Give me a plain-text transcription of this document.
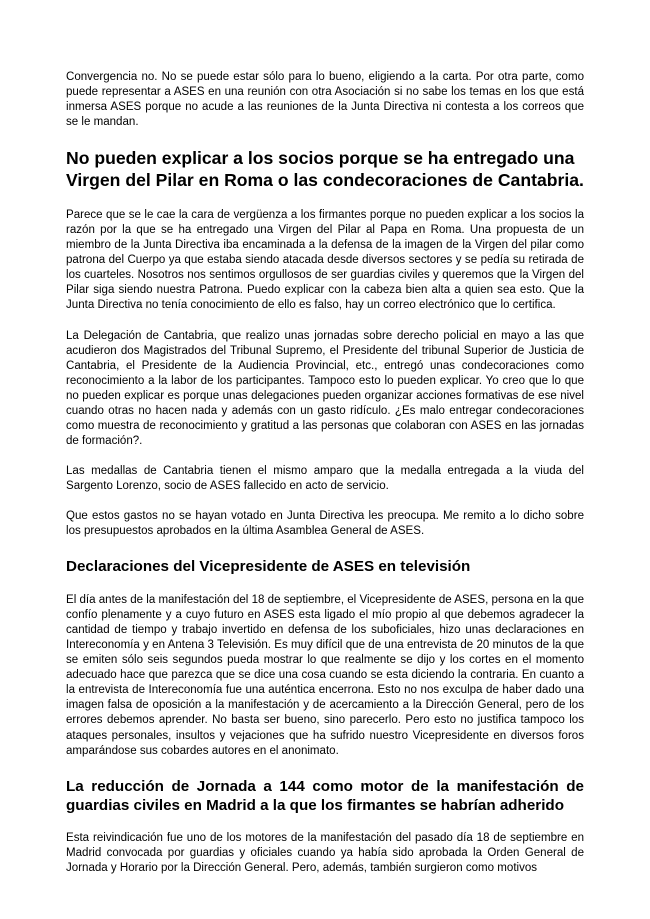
Convergencia no. No se puede estar sólo para lo bueno, eligiendo a la carta. Por otra parte, como puede representar a ASES en una reunión con otra Asociación si no sabe los temas en los que está inmersa ASES porque no acude a las reuniones de la Junta Directiva ni contesta a los correos que se le mandan.

No pueden explicar a los socios porque se ha entregado una Virgen del Pilar en Roma o las condecoraciones de Cantabria.

Parece que se le cae la cara de vergüenza a los firmantes porque no pueden explicar a los socios la razón por la que se ha entregado una Virgen del Pilar al Papa en Roma. Una propuesta de un miembro de la Junta Directiva iba encaminada a la defensa de la imagen de la Virgen del pilar como patrona del Cuerpo ya que estaba siendo atacada desde diversos sectores y se pedía su retirada de los cuarteles. Nosotros nos sentimos orgullosos de ser guardias civiles y queremos que la Virgen del Pilar siga siendo nuestra Patrona. Puedo explicar con la cabeza bien alta a quien sea esto. Que la Junta Directiva no tenía conocimiento de ello es falso, hay un correo electrónico que lo certifica.

La Delegación de Cantabria, que realizo unas jornadas sobre derecho policial en mayo a las que acudieron dos Magistrados del Tribunal Supremo, el Presidente del tribunal Superior de Justicia de Cantabria, el Presidente de la Audiencia Provincial, etc., entregó unas condecoraciones como reconocimiento a la labor de los participantes. Tampoco esto lo pueden explicar. Yo creo que lo que no pueden explicar es porque unas delegaciones pueden organizar acciones formativas de ese nivel cuando otras no hacen nada y además con un gasto ridículo. ¿Es malo entregar condecoraciones como muestra de reconocimiento y gratitud a las personas que colaboran con ASES en las jornadas de formación?.

Las medallas de Cantabria tienen el mismo amparo que la medalla entregada a la viuda del Sargento Lorenzo, socio de ASES fallecido en acto de servicio.

Que estos gastos no se hayan votado en Junta Directiva les preocupa. Me remito a lo dicho sobre los presupuestos aprobados en la última Asamblea General de ASES.

Declaraciones del Vicepresidente de ASES en televisión

El día antes de la manifestación del 18 de septiembre, el Vicepresidente de ASES, persona en la que confío plenamente y a cuyo futuro en ASES esta ligado el mío propio al que debemos agradecer la cantidad de tiempo y trabajo invertido en defensa de los suboficiales, hizo unas declaraciones en Intereconomía y en Antena 3 Televisión. Es muy difícil que de una entrevista de 20 minutos de la que se emiten sólo seis segundos pueda mostrar lo que realmente se dijo y los cortes en el momento adecuado hace que parezca que se dice una cosa cuando se esta diciendo la contraria. En cuanto a la entrevista de Intereconomía fue una auténtica encerrona. Esto no nos exculpa de haber dado una imagen falsa de oposición a la manifestación y de acercamiento a la Dirección General, pero de los errores debemos aprender. No basta ser bueno, sino parecerlo. Pero esto no justifica tampoco los ataques personales, insultos y vejaciones que ha sufrido nuestro Vicepresidente en diversos foros amparándose sus cobardes autores en el anonimato.

La reducción de Jornada a 144 como motor de la manifestación de guardias civiles en Madrid a la que los firmantes se habrían adherido

Esta reivindicación fue uno de los motores de la manifestación del pasado día 18 de septiembre en Madrid convocada por guardias y oficiales cuando ya había sido aprobada la Orden General de Jornada y Horario por la Dirección General. Pero, además, también surgieron como motivos
